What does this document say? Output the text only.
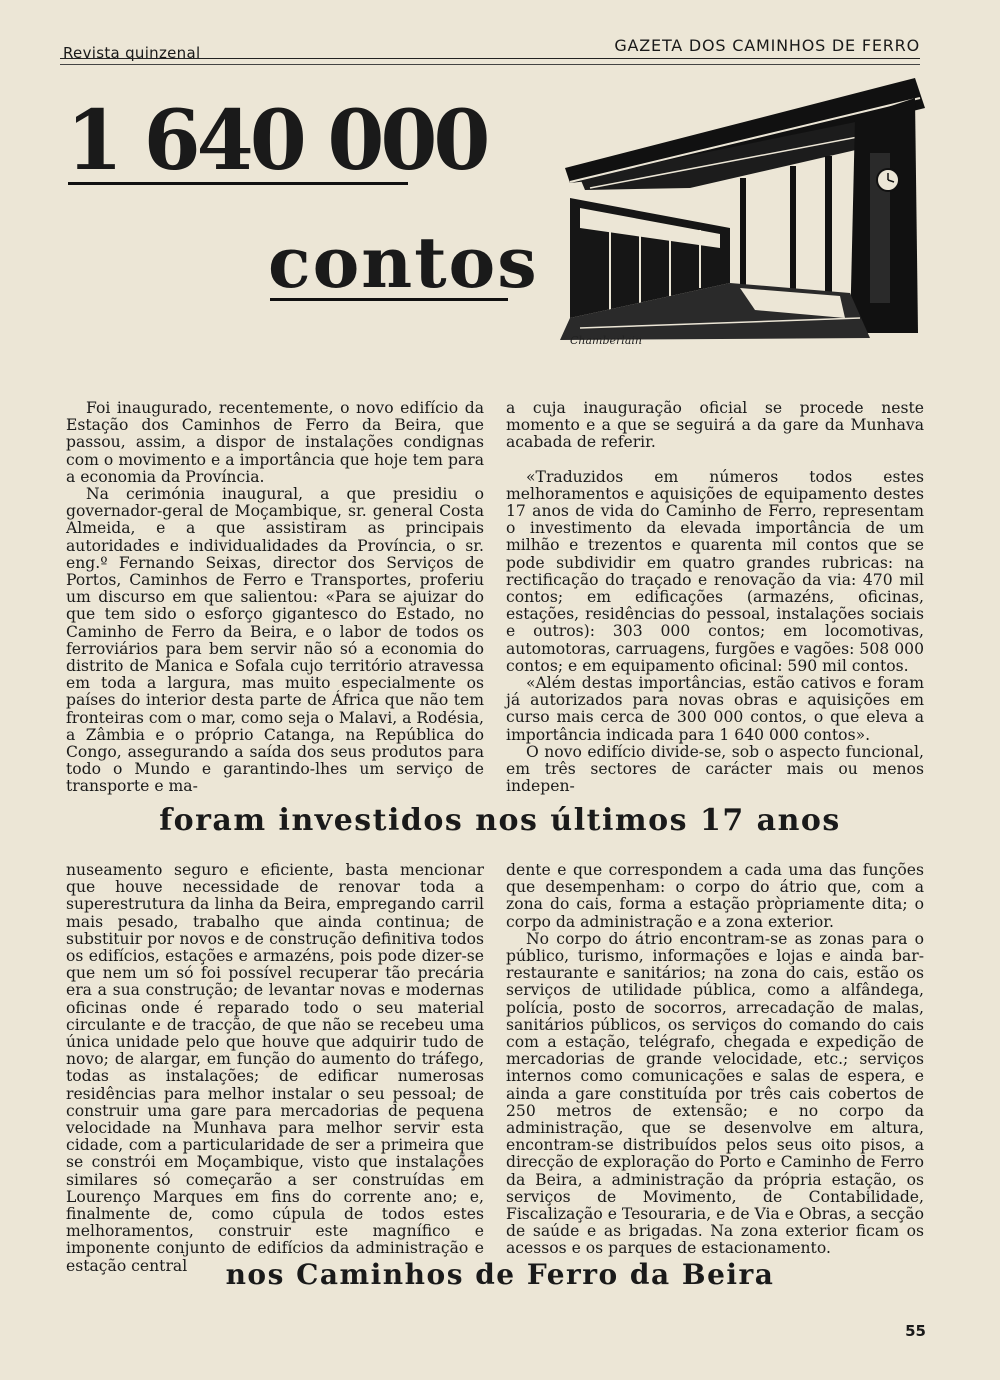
Revista quinzenal	GAZETA DOS CAMINHOS DE FERRO
1 640 000
contos
Chamberlain

Foi inaugurado, recentemente, o novo edifício da Estação dos Caminhos de Ferro da Beira, que passou, assim, a dispor de instalações condignas com o movimento e a importância que hoje tem para a economia da Província.

Na cerimónia inaugural, a que presidiu o governador-geral de Moçambique, sr. general Costa Almeida, e a que assistiram as principais autoridades e individualidades da Província, o sr. eng.º Fernando Seixas, director dos Serviços de Portos, Caminhos de Ferro e Transportes, proferiu um discurso em que salientou: «Para se ajuizar do que tem sido o esforço gigantesco do Estado, no Caminho de Ferro da Beira, e o labor de todos os ferroviários para bem servir não só a economia do distrito de Manica e Sofala cujo território atravessa em toda a largura, mas muito especialmente os países do interior desta parte de África que não tem fronteiras com o mar, como seja o Malavi, a Rodésia, a Zâmbia e o próprio Catanga, na República do Congo, assegurando a saída dos seus produtos para todo o Mundo e garantindo-lhes um serviço de transporte e ma-

a cuja inauguração oficial se procede neste momento e a que se seguirá a da gare da Munhava acabada de referir.

«Traduzidos em números todos estes melhoramentos e aquisições de equipamento destes 17 anos de vida do Caminho de Ferro, representam o investimento da elevada importância de um milhão e trezentos e quarenta mil contos que se pode subdividir em quatro grandes rubricas: na rectificação do traçado e renovação da via: 470 mil contos; em edificações (armazéns, oficinas, estações, residências do pessoal, instalações sociais e outros): 303 000 contos; em locomotivas, automotoras, carruagens, furgões e vagões: 508 000 contos; e em equipamento oficinal: 590 mil contos.

«Além destas importâncias, estão cativos e foram já autorizados para novas obras e aquisições em curso mais cerca de 300 000 contos, o que eleva a importância indicada para 1 640 000 contos».

O novo edifício divide-se, sob o aspecto funcional, em três sectores de carácter mais ou menos indepen-

foram investidos nos últimos 17 anos

nuseamento seguro e eficiente, basta mencionar que houve necessidade de renovar toda a superestrutura da linha da Beira, empregando carril mais pesado, trabalho que ainda continua; de substituir por novos e de construção definitiva todos os edifícios, estações e armazéns, pois pode dizer-se que nem um só foi possível recuperar tão precária era a sua construção; de levantar novas e modernas oficinas onde é reparado todo o seu material circulante e de tracção, de que não se recebeu uma única unidade pelo que houve que adquirir tudo de novo; de alargar, em função do aumento do tráfego, todas as instalações; de edificar numerosas residências para melhor instalar o seu pessoal; de construir uma gare para mercadorias de pequena velocidade na Munhava para melhor servir esta cidade, com a particularidade de ser a primeira que se constrói em Moçambique, visto que instalações similares só começarão a ser construídas em Lourenço Marques em fins do corrente ano; e, finalmente de, como cúpula de todos estes melhoramentos, construir este magnífico e imponente conjunto de edifícios da administração e estação central

dente e que correspondem a cada uma das funções que desempenham: o corpo do átrio que, com a zona do cais, forma a estação pròpriamente dita; o corpo da administração e a zona exterior.

No corpo do átrio encontram-se as zonas para o público, turismo, informações e lojas e ainda bar-restaurante e sanitários; na zona do cais, estão os serviços de utilidade pública, como a alfândega, polícia, posto de socorros, arrecadação de malas, sanitários públicos, os serviços do comando do cais com a estação, telégrafo, chegada e expedição de mercadorias de grande velocidade, etc.; serviços internos como comunicações e salas de espera, e ainda a gare constituída por três cais cobertos de 250 metros de extensão; e no corpo da administração, que se desenvolve em altura, encontram-se distribuídos pelos seus oito pisos, a direcção de exploração do Porto e Caminho de Ferro da Beira, a administração da própria estação, os serviços de Movimento, de Contabilidade, Fiscalização e Tesouraria, e de Via e Obras, a secção de saúde e as brigadas. Na zona exterior ficam os acessos e os parques de estacionamento.

nos Caminhos de Ferro da Beira
55
